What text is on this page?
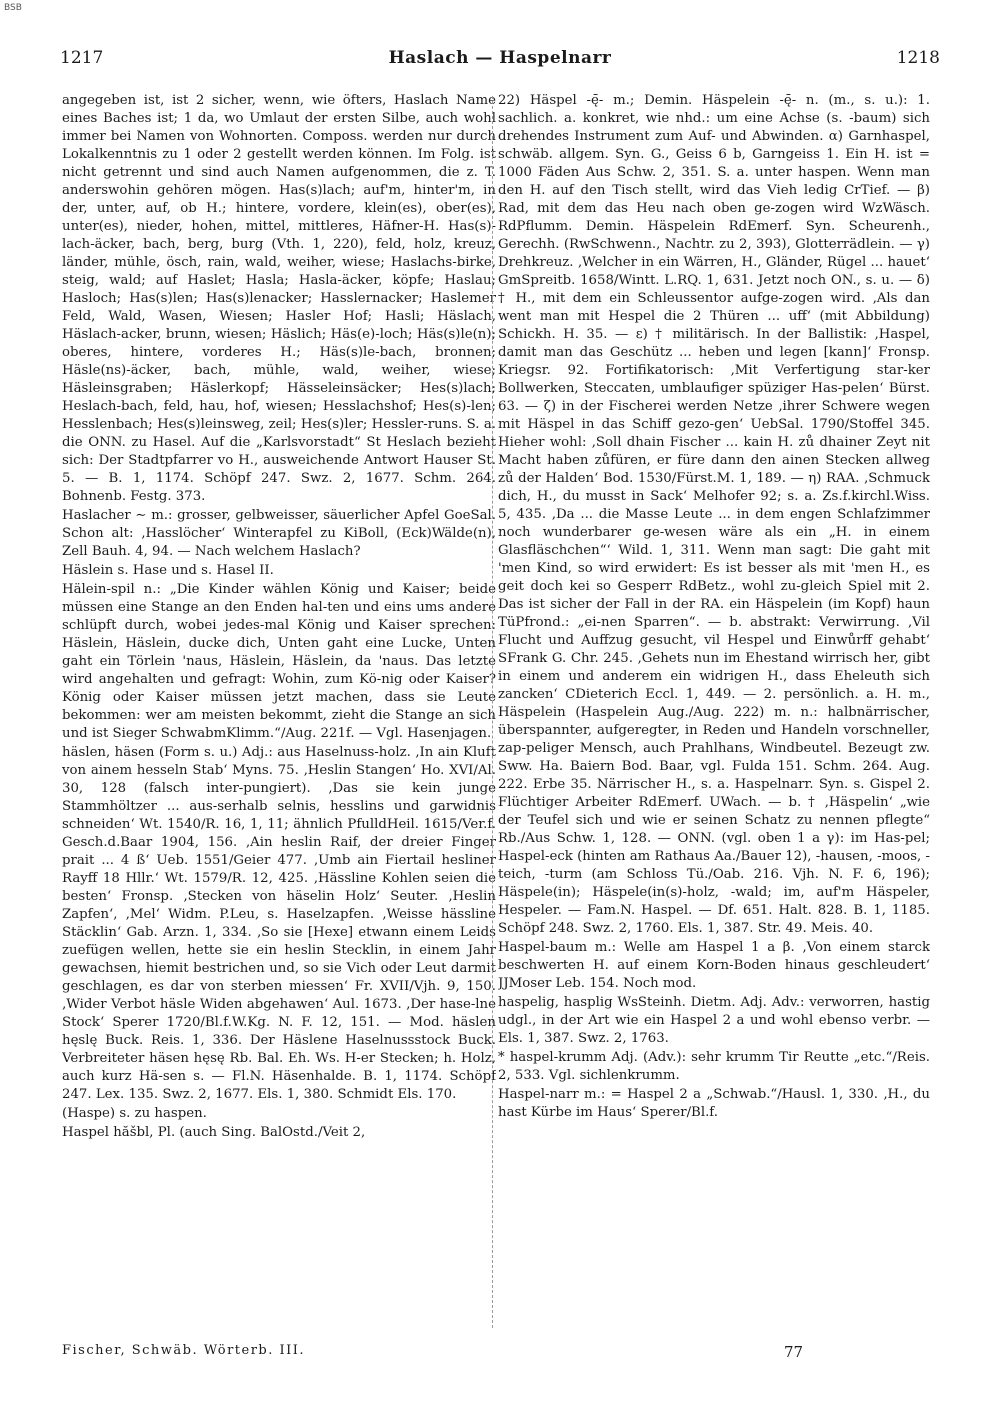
BSB
1217	Haslach — Haspelnarr	1218

angegeben ist, ist 2 sicher, wenn, wie öfters, Haslach Name eines Baches ist; 1 da, wo Umlaut der ersten Silbe, auch wohl immer bei Namen von Wohnorten. Composs. werden nur durch Lokalkenntnis zu 1 oder 2 gestellt werden können. Im Folg. ist nicht getrennt und sind auch Namen aufgenommen, die z. T. anderswohin gehören mögen. Has(s)lach; auf'm, hinter'm, in der, unter, auf, ob H.; hintere, vordere, klein(es), ober(es), unter(es), nieder, hohen, mittel, mittleres, Häfner-H. Has(s)-lach-äcker, bach, berg, burg (Vth. 1, 220), feld, holz, kreuz, länder, mühle, ösch, rain, wald, weiher, wiese; Haslachs-birke, steig, wald; auf Haslet; Hasla; Hasla-äcker, köpfe; Haslau; Hasloch; Has(s)len; Has(s)lenacker; Hasslernacker; Haslemer Feld, Wald, Wasen, Wiesen; Hasler Hof; Hasli; Häslach, Häslach-acker, brunn, wiesen; Häslich; Häs(e)-loch; Häs(s)le(n); oberes, hintere, vorderes H.; Häs(s)le-bach, bronnen; Häsle(ns)-äcker, bach, mühle, wald, weiher, wiese; Häsleinsgraben; Häslerkopf; Hässeleinsäcker; Hes(s)lach; Heslach-bach, feld, hau, hof, wiesen; Hesslachshof; Hes(s)-len; Hesslenbach; Hes(s)leinsweg, zeil; Hes(s)ler; Hessler-runs. S. a. die ONN. zu Hasel. Auf die „Karlsvorstadt“ St Heslach bezieht sich: Der Stadtpfarrer vo H., ausweichende Antwort Hauser St. 5. — B. 1, 1174. Schöpf 247. Swz. 2, 1677. Schm. 264. Bohnenb. Festg. 373.

Haslacher ∼ m.: grosser, gelbweisser, säuerlicher Apfel GoeSal. Schon alt: ‚Hasslöcher‘ Winterapfel zu KiBoll, (Eck)Wälde(n), Zell Bauh. 4, 94. — Nach welchem Haslach?

Häslein s. Hase und s. Hasel II.

Hälein-spil n.: „Die Kinder wählen König und Kaiser; beide müssen eine Stange an den Enden hal-ten und eins ums andere schlüpft durch, wobei jedes-mal König und Kaiser sprechen: Häslein, Häslein, ducke dich, Unten gaht eine Lucke, Unten gaht ein Törlein 'naus, Häslein, Häslein, da 'naus. Das letzte wird angehalten und gefragt: Wohin, zum Kö-nig oder Kaiser? König oder Kaiser müssen jetzt machen, dass sie Leute bekommen: wer am meisten bekommt, zieht die Stange an sich und ist Sieger SchwabmKlimm.“/Aug. 221f. — Vgl. Hasenjagen.

häslen, häsen (Form s. u.) Adj.: aus Haselnuss-holz. ‚In ain Kluft von ainem hesseln Stab‘ Myns. 75. ‚Heslin Stangen‘ Ho. XVI/Al. 30, 128 (falsch inter-pungiert). ‚Das sie kein junge Stammhöltzer ... aus-serhalb selnis, hesslins und garwidnis schneiden‘ Wt. 1540/R. 16, 1, 11; ähnlich PfulldHeil. 1615/Ver.f. Gesch.d.Baar 1904, 156. ‚Ain heslin Raif, der dreier Finger prait ... 4 ß‘ Ueb. 1551/Geier 477. ‚Umb ain Fiertail hesliner Rayff 18 Hllr.‘ Wt. 1579/R. 12, 425. ‚Hässline Kohlen seien die besten‘ Fronsp. ‚Stecken von häselin Holz‘ Seuter. ‚Heslin Zapfen‘, ‚Mel‘ Widm. P.Leu, s. Haselzapfen. ‚Weisse hässline Stäcklin‘ Gab. Arzn. 1, 334. ‚So sie [Hexe] etwann einem Leids zuefügen wellen, hette sie ein heslin Stecklin, in einem Jahr gewachsen, hiemit bestrichen und, so sie Vich oder Leut darmit geschlagen, es dar von sterben miessen‘ Fr. XVII/Vjh. 9, 150. ‚Wider Verbot häsle Widen abgehawen‘ Aul. 1673. ‚Der hase-lne Stock‘ Sperer 1720/Bl.f.W.Kg. N. F. 12, 151. — Mod. häslen hęslę Buck. Reis. 1, 336. Der Häslene Haselnussstock Buck. Verbreiteter häsen hęsę Rb. Bal. Eh. Ws. H-er Stecken; h. Holz, auch kurz Hä-sen s. — Fl.N. Häsenhalde. B. 1, 1174. Schöpf 247. Lex. 135. Swz. 2, 1677. Els. 1, 380. Schmidt Els. 170.

(Haspe) s. zu haspen.

Haspel hăšbl, Pl. (auch Sing. BalOstd./Veit 2,

22) Häspel -ę̄- m.; Demin. Häspelein -ę̄- n. (m., s. u.): 1. sachlich. a. konkret, wie nhd.: um eine Achse (s. -baum) sich drehendes Instrument zum Auf- und Abwinden. α) Garnhaspel, schwäb. allgem. Syn. G., Geiss 6 b, Garngeiss 1. Ein H. ist = 1000 Fäden Aus Schw. 2, 351. S. a. unter haspen. Wenn man den H. auf den Tisch stellt, wird das Vieh ledig CrTief. — β) Rad, mit dem das Heu nach oben ge-zogen wird WzWäsch. RdPflumm. Demin. Häspelein RdEmerf. Syn. Scheurenh., Gerechh. (RwSchwenn., Nachtr. zu 2, 393), Glotterrädlein. — γ) Drehkreuz. ‚Welcher in ein Wärren, H., Gländer, Rügel ... hauet‘ GmSpreitb. 1658/Wintt. L.RQ. 1, 631. Jetzt noch ON., s. u. — δ) † H., mit dem ein Schleussentor aufge-zogen wird. ‚Als dan went man mit Hespel die 2 Thüren ... uff‘ (mit Abbildung) Schickh. H. 35. — ε) † militärisch. In der Ballistik: ‚Haspel, damit man das Geschütz ... heben und legen [kann]‘ Fronsp. Kriegsr. 92. Fortifikatorisch: ‚Mit Verfertigung star-ker Bollwerken, Steccaten, umblaufiger spüziger Has-pelen‘ Bürst. 63. — ζ) in der Fischerei werden Netze ‚ihrer Schwere wegen mit Häspel in das Schiff gezo-gen‘ UebSal. 1790/Stoffel 345. Hieher wohl: ‚Soll dhain Fischer ... kain H. zů dhainer Zeyt nit Macht haben zůfüren, er füre dann den ainen Stecken allweg zů der Halden‘ Bod. 1530/Fürst.M. 1, 189. — η) RAA. ‚Schmuck dich, H., du musst in Sack‘ Melhofer 92; s. a. Zs.f.kirchl.Wiss. 5, 435. ‚Da ... die Masse Leute ... in dem engen Schlafzimmer noch wunderbarer ge-wesen wäre als ein „H. in einem Glasfläschchen“‘ Wild. 1, 311. Wenn man sagt: Die gaht mit 'men Kind, so wird erwidert: Es ist besser als mit 'men H., es geit doch kei so Gesperr RdBetz., wohl zu-gleich Spiel mit 2. Das ist sicher der Fall in der RA. ein Häspelein (im Kopf) haun TüPfrond.: „ei-nen Sparren“. — b. abstrakt: Verwirrung. ‚Vil Flucht und Auffzug gesucht, vil Hespel und Einwůrff gehabt‘ SFrank G. Chr. 245. ‚Gehets nun im Ehestand wirrisch her, gibt in einem und anderem ein widrigen H., dass Eheleuth sich zancken‘ CDieterich Eccl. 1, 449. — 2. persönlich. a. H. m., Häspelein (Haspelein Aug./Aug. 222) m. n.: halbnärrischer, überspannter, aufgeregter, in Reden und Handeln vorschneller, zap-peliger Mensch, auch Prahlhans, Windbeutel. Bezeugt zw. Sww. Ha. Baiern Bod. Baar, vgl. Fulda 151. Schm. 264. Aug. 222. Erbe 35. Närrischer H., s. a. Haspelnarr. Syn. s. Gispel 2. Flüchtiger Arbeiter RdEmerf. UWach. — b. † ‚Häspelin‘ „wie der Teufel sich und wie er seinen Schatz zu nennen pflegte“ Rb./Aus Schw. 1, 128. — ONN. (vgl. oben 1 a γ): im Has-pel; Haspel-eck (hinten am Rathaus Aa./Bauer 12), -hausen, -moos, -teich, -turm (am Schloss Tü./Oab. 216. Vjh. N. F. 6, 196); Häspele(in); Häspele(in(s)-holz, -wald; im, auf'm Häspeler, Hespeler. — Fam.N. Haspel. — Df. 651. Halt. 828. B. 1, 1185. Schöpf 248. Swz. 2, 1760. Els. 1, 387. Str. 49. Meis. 40.

Haspel-baum m.: Welle am Haspel 1 a β. ‚Von einem starck beschwerten H. auf einem Korn-Boden hinaus geschleudert‘ JJMoser Leb. 154. Noch mod.

haspelig, hasplig WsSteinh. Dietm. Adj. Adv.: verworren, hastig udgl., in der Art wie ein Haspel 2 a und wohl ebenso verbr. — Els. 1, 387. Swz. 2, 1763.

* haspel-krumm Adj. (Adv.): sehr krumm Tir Reutte „etc.“/Reis. 2, 533. Vgl. sichlenkrumm.

Haspel-narr m.: = Haspel 2 a „Schwab.“/Hausl. 1, 330. ‚H., du hast Kürbe im Haus‘ Sperer/Bl.f.

Fischer, Schwäb. Wörterb. III.	77
